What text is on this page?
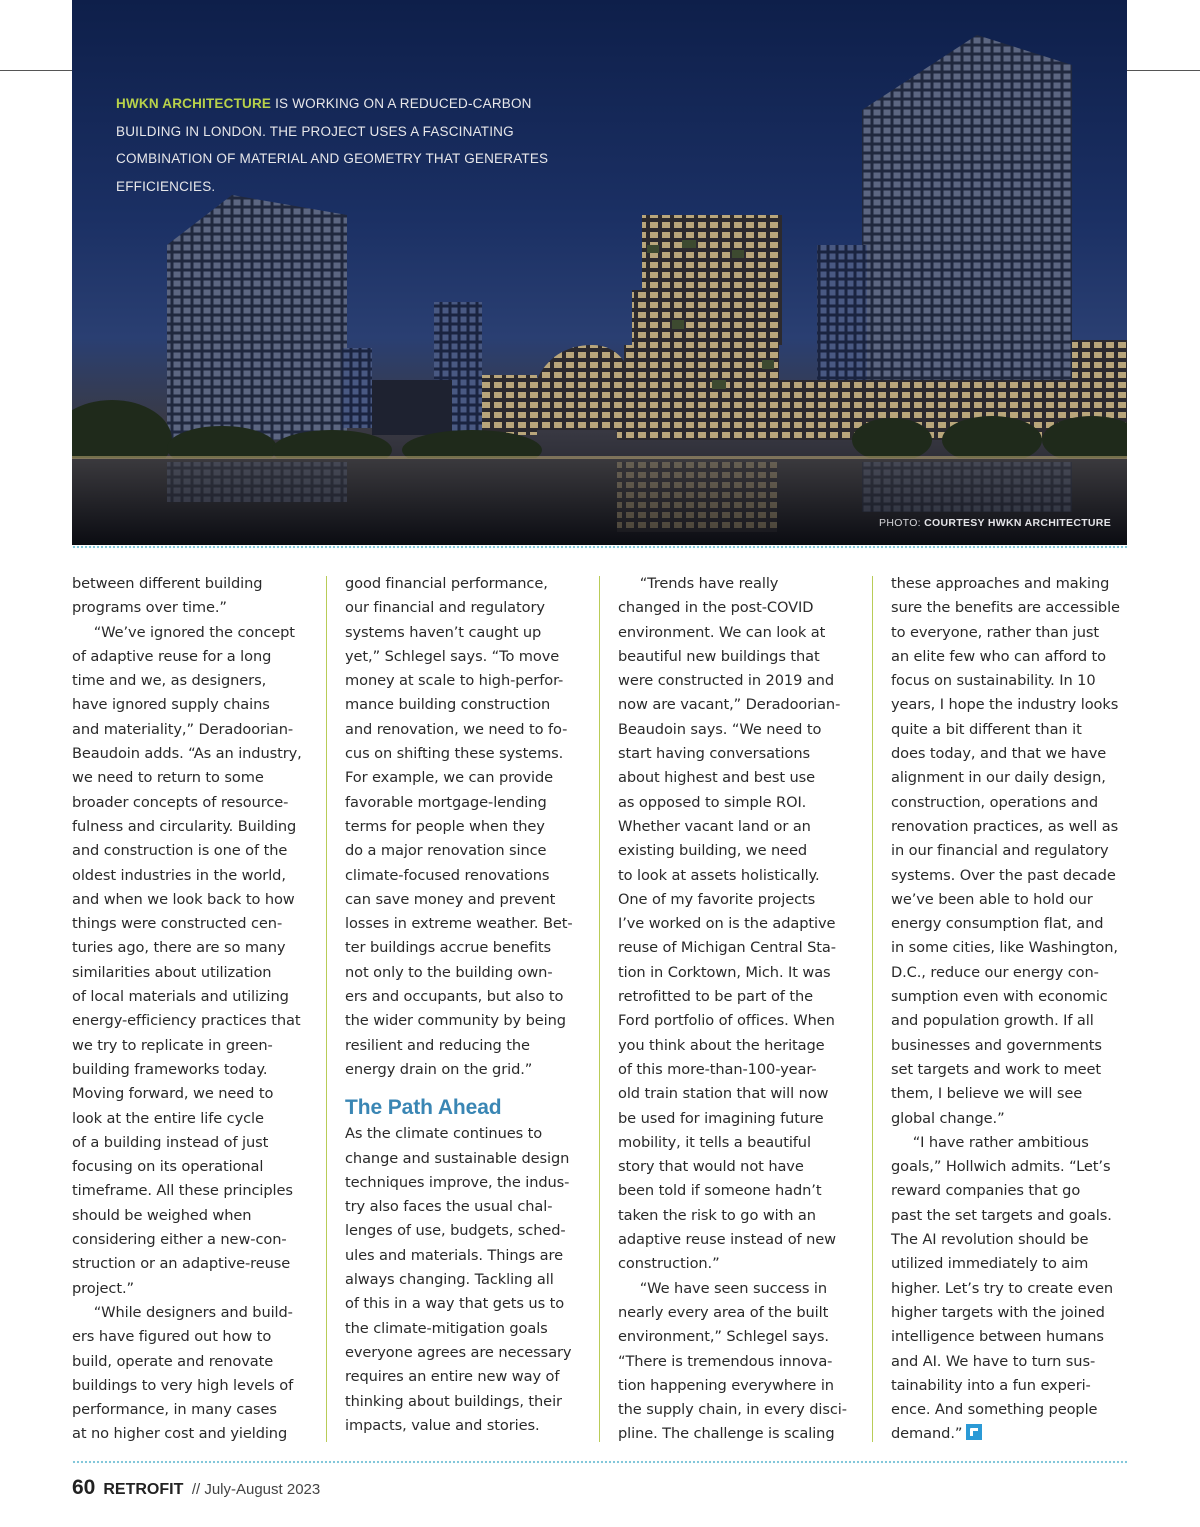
HWKN ARCHITECTURE IS WORKING ON A REDUCED-CARBON BUILDING IN LONDON. THE PROJECT USES A FASCINATING COMBINATION OF MATERIAL AND GEOMETRY THAT GENERATES EFFICIENCIES.
PHOTO: COURTESY HWKN ARCHITECTURE

between different building
programs over time.”

  “We’ve ignored the concept
of adaptive reuse for a long
time and we, as designers,
have ignored supply chains
and materiality,” Deradoorian-
Beaudoin adds. “As an industry,
we need to return to some
broader concepts of resource-
fulness and circularity. Building
and construction is one of the
oldest industries in the world,
and when we look back to how
things were constructed cen-
turies ago, there are so many
similarities about utilization
of local materials and utilizing
energy-efficiency practices that
we try to replicate in green-
building frameworks today.
Moving forward, we need to
look at the entire life cycle
of a building instead of just
focusing on its operational
timeframe. All these principles
should be weighed when
considering either a new-con-
struction or an adaptive-reuse
project.”

  “While designers and build-
ers have figured out how to
build, operate and renovate
buildings to very high levels of
performance, in many cases
at no higher cost and yielding

good financial performance,
our financial and regulatory
systems haven’t caught up
yet,” Schlegel says. “To move
money at scale to high-perfor-
mance building construction
and renovation, we need to fo-
cus on shifting these systems.
For example, we can provide
favorable mortgage-lending
terms for people when they
do a major renovation since
climate-focused renovations
can save money and prevent
losses in extreme weather. Bet-
ter buildings accrue benefits
not only to the building own-
ers and occupants, but also to
the wider community by being
resilient and reducing the
energy drain on the grid.”

The Path Ahead

As the climate continues to
change and sustainable design
techniques improve, the indus-
try also faces the usual chal-
lenges of use, budgets, sched-
ules and materials. Things are
always changing. Tackling all
of this in a way that gets us to
the climate-mitigation goals
everyone agrees are necessary
requires an entire new way of
thinking about buildings, their
impacts, value and stories.

  “Trends have really
changed in the post-COVID
environment. We can look at
beautiful new buildings that
were constructed in 2019 and
now are vacant,” Deradoorian-
Beaudoin says. “We need to
start having conversations
about highest and best use
as opposed to simple ROI.
Whether vacant land or an
existing building, we need
to look at assets holistically.
One of my favorite projects
I’ve worked on is the adaptive
reuse of Michigan Central Sta-
tion in Corktown, Mich. It was
retrofitted to be part of the
Ford portfolio of offices. When
you think about the heritage
of this more-than-100-year-
old train station that will now
be used for imagining future
mobility, it tells a beautiful
story that would not have
been told if someone hadn’t
taken the risk to go with an
adaptive reuse instead of new
construction.”

  “We have seen success in
nearly every area of the built
environment,” Schlegel says.
“There is tremendous innova-
tion happening everywhere in
the supply chain, in every disci-
pline. The challenge is scaling

these approaches and making
sure the benefits are accessible
to everyone, rather than just
an elite few who can afford to
focus on sustainability. In 10
years, I hope the industry looks
quite a bit different than it
does today, and that we have
alignment in our daily design,
construction, operations and
renovation practices, as well as
in our financial and regulatory
systems. Over the past decade
we’ve been able to hold our
energy consumption flat, and
in some cities, like Washington,
D.C., reduce our energy con-
sumption even with economic
and population growth. If all
businesses and governments
set targets and work to meet
them, I believe we will see
global change.”

  “I have rather ambitious
goals,” Hollwich admits. “Let’s
reward companies that go
past the set targets and goals.
The AI revolution should be
utilized immediately to aim
higher. Let’s try to create even
higher targets with the joined
intelligence between humans
and AI. We have to turn sus-
tainability into a fun experi-
ence. And something people
demand.”

60 RETROFIT // July-August 2023
